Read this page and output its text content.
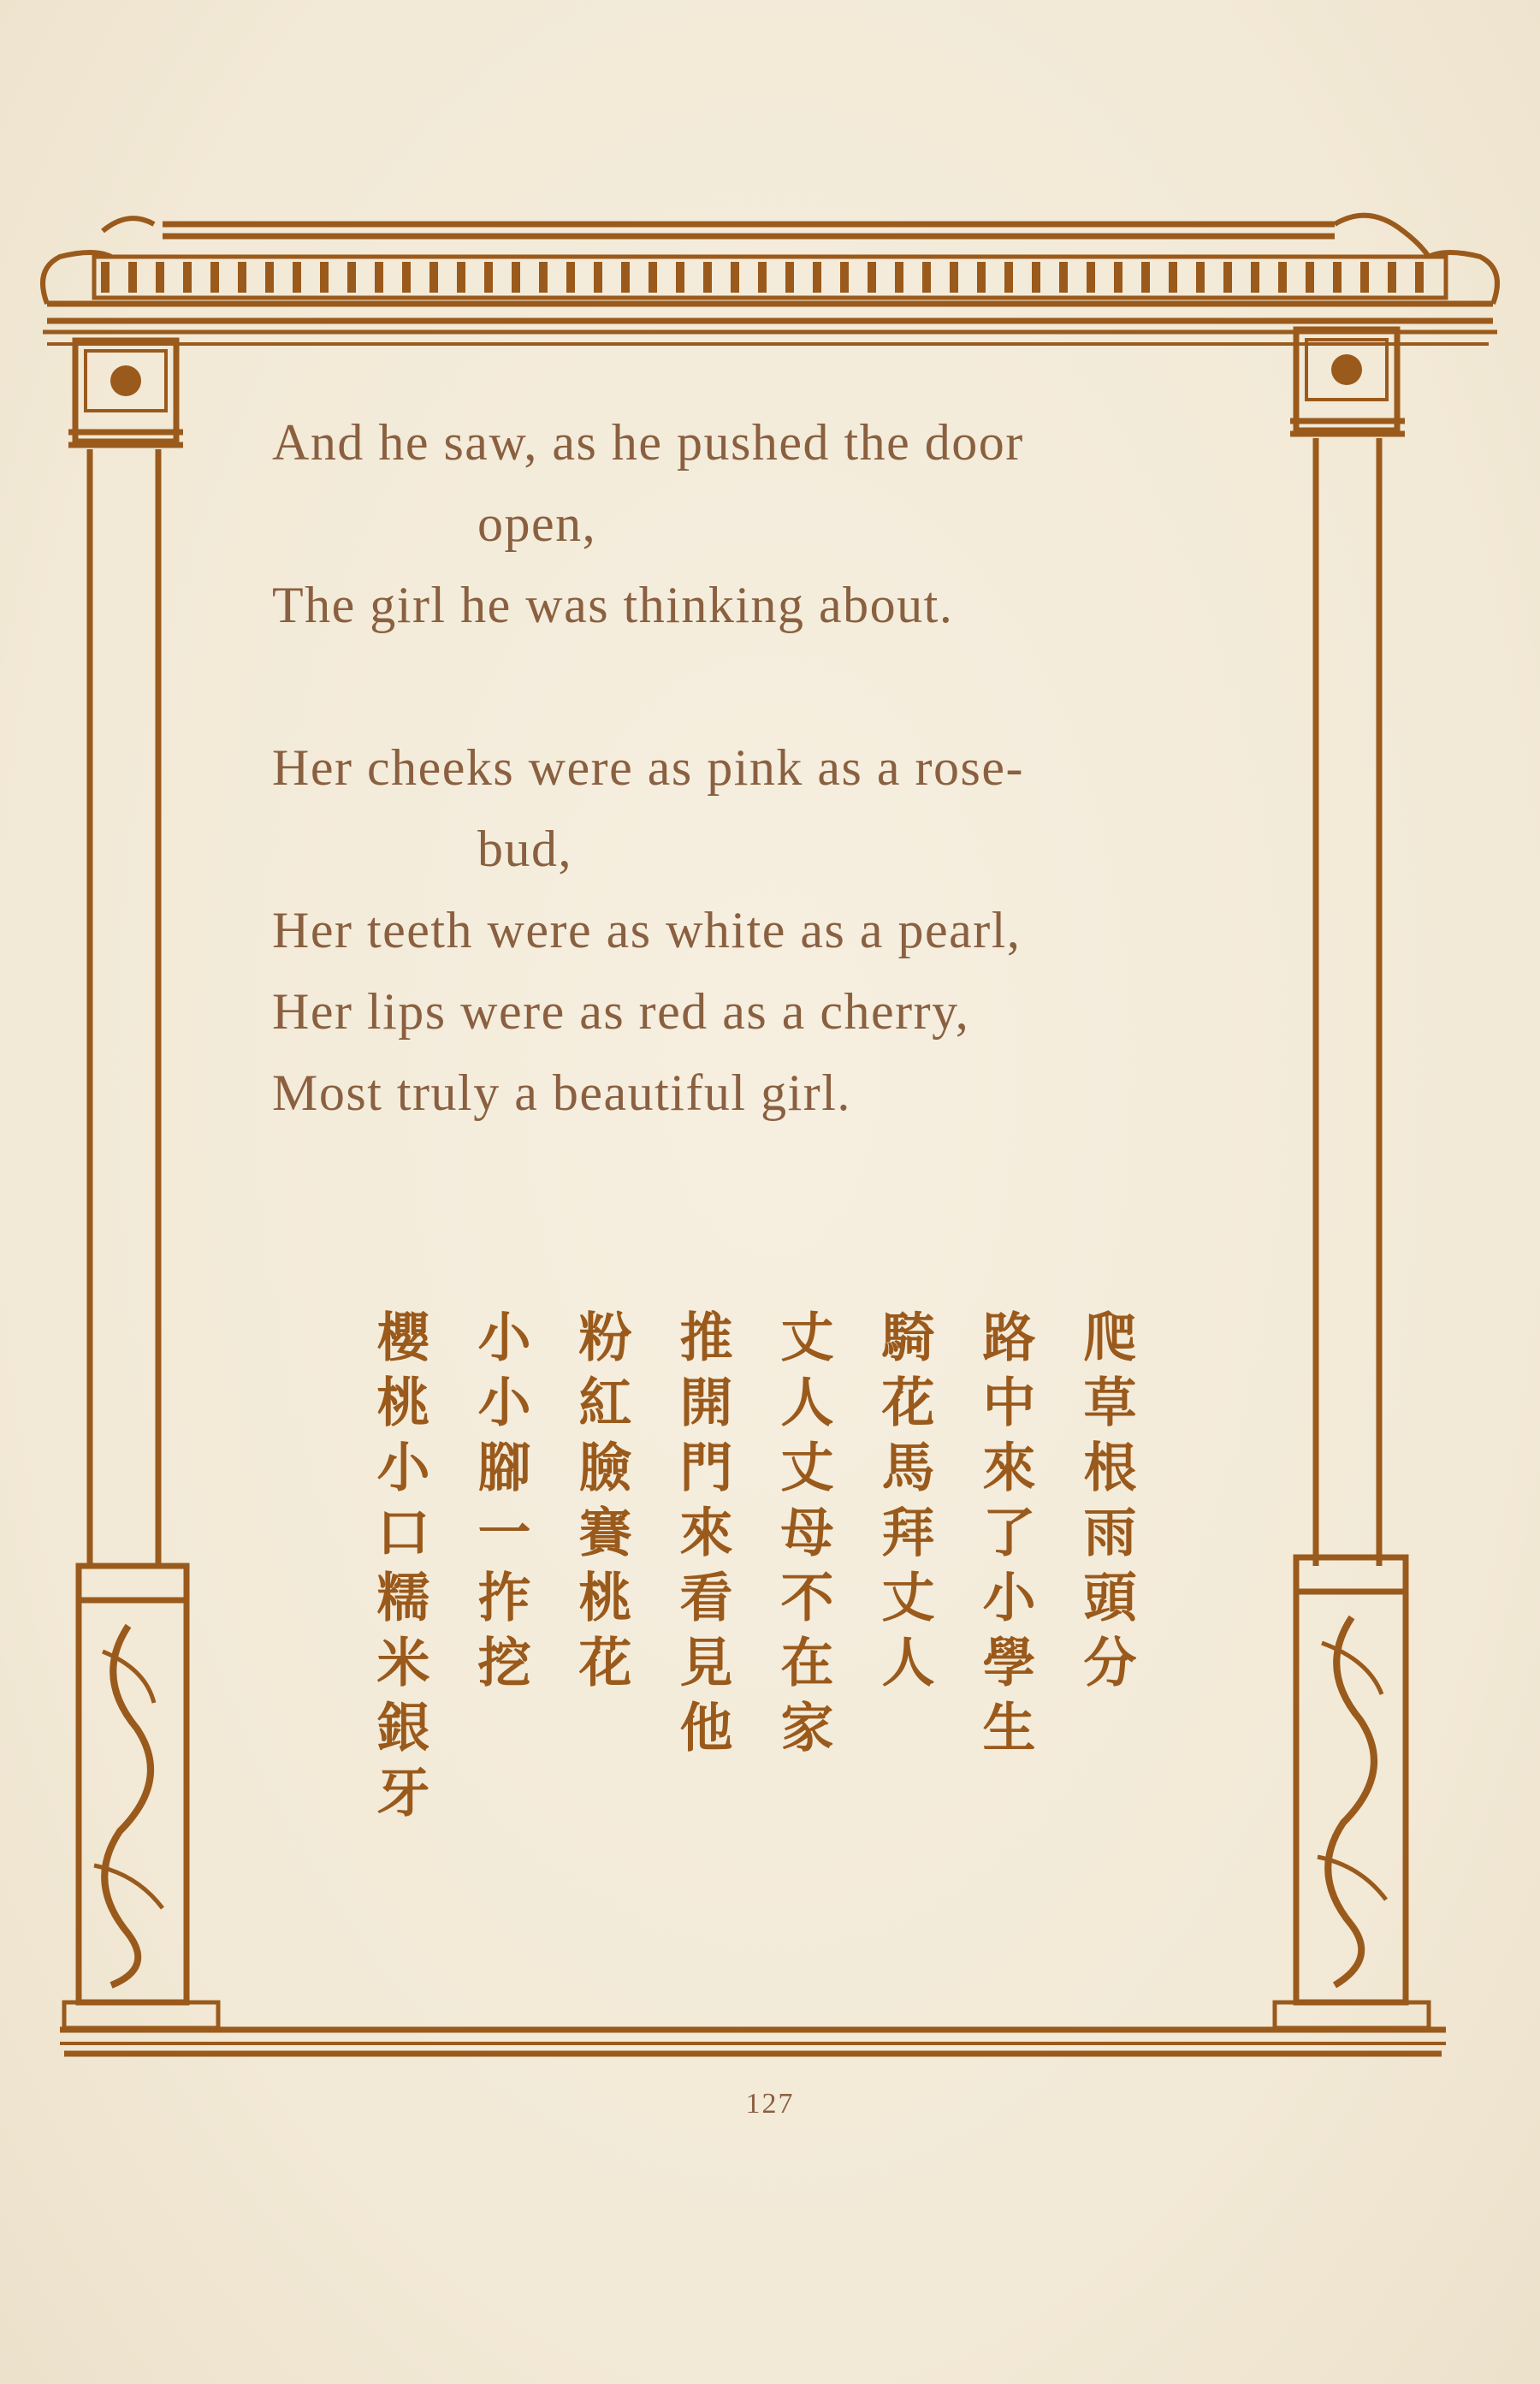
And he saw, as he pushed the door
open,
The girl he was thinking about.
Her cheeks were as pink as a rose-
bud,
Her teeth were as white as a pearl,
Her lips were as red as a cherry,
Most truly a beautiful girl.
爬草根雨頭分
路中來了小學生
騎花馬拜丈人
丈人丈母不在家
推開門來看見他
粉紅臉賽桃花
小小腳一拃挖
櫻桃小口糯米銀牙
127
